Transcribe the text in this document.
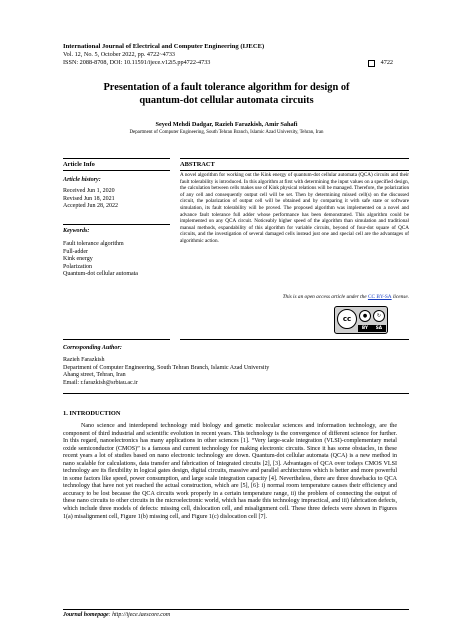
International Journal of Electrical and Computer Engineering (IJECE)
Vol. 12, No. 5, October 2022, pp. 4722~4733
ISSN: 2088-8708, DOI: 10.11591/ijece.v12i5.pp4722-4733	4722
Presentation of a fault tolerance algorithm for design of
quantum-dot cellular automata circuits
Seyed Mehdi Dadgar, Razieh Farazkish, Amir Sahafi
Department of Computer Engineering, South Tehran Branch, Islamic Azad University, Tehran, Iran
Article Info	ABSTRACT
Article history:
Received Jun 1, 2020
Revised Jun 18, 2021
Accepted Jun 28, 2022
Keywords:
Fault tolerance algorithm
Full-adder
Kink energy
Polarization
Quantum-dot cellular automata
A novel algorithm for working out the Kink energy of quantum-dot cellular automata (QCA) circuits and their fault tolerability is introduced. In this algorithm at first with determining the input values on a specified design, the calculation between cells makes use of Kink physical relations will be managed. Therefore, the polarization of any cell and consequently output cell will be set. Then by determining missed cell(s) on the discussed circuit, the polarization of output cell will be obtained and by comparing it with safe state or software simulation, its fault tolerability will be proved. The proposed algorithm was implemented on a novel and advance fault tolerance full adder whose performance has been demonstrated. This algorithm could be implemented on any QCA circuit. Noticeably higher speed of the algorithm than simulation and traditional manual methods, expandability of this algorithm for variable circuits, beyond of four-dot square of QCA circuits, and the investigation of several damaged cells instead just one and special cell are the advantages of algorithmic action.
This is an open access article under the CC BY-SA license.
cc	●	↻
BY SA
Corresponding Author:
Razieh Farazkish
Department of Computer Engineering, South Tehran Branch, Islamic Azad University
Ahang street, Tehran, Iran
Email: r.farazkish@srbiau.ac.ir
1. INTRODUCTION
Nano science and interdepend technology mid biology and genetic molecular sciences and information technology, are the component of third industrial and scientific evolution in recent years. This technology is the convergence of different science for further. In this regard, nanoelectronics has many applications in other sciences [1]. “Very large-scale integration (VLSI)-complementary metal oxide semiconductor (CMOS)” is a famous and current technology for making electronic circuits. Since it has some obstacles, in these recent years a lot of studies based on nano electronic technology are down. Quantum-dot cellular automata (QCA) is a new method in nano scalable for calculations, data transfer and fabrication of Integrated circuits [2], [3]. Advantages of QCA over todays CMOS VLSI technology are its flexibility in logical gates design, digital circuits, massive and parallel architectures which is better and more powerful in some factors like speed, power consumption, and large scale integration capacity [4]. Nevertheless, there are three drawbacks to QCA technology that have not yet reached the actual construction, which are [5], [6]: i) normal room temperature causes their efficiency and accuracy to be lost because the QCA circuits work properly in a certain temperature range, ii) the problem of connecting the output of these nano circuits to other circuits in the microelectronic world, which has made this technology impractical, and iii) fabrication defects, which include three models of defects: missing cell, dislocation cell, and misalignment cell. These three defects were shown in Figures 1(a) misalignment cell, Figure 1(b) missing cell, and Figure 1(c) dislocation cell [7].
Journal homepage: http://ijece.iaescore.com
